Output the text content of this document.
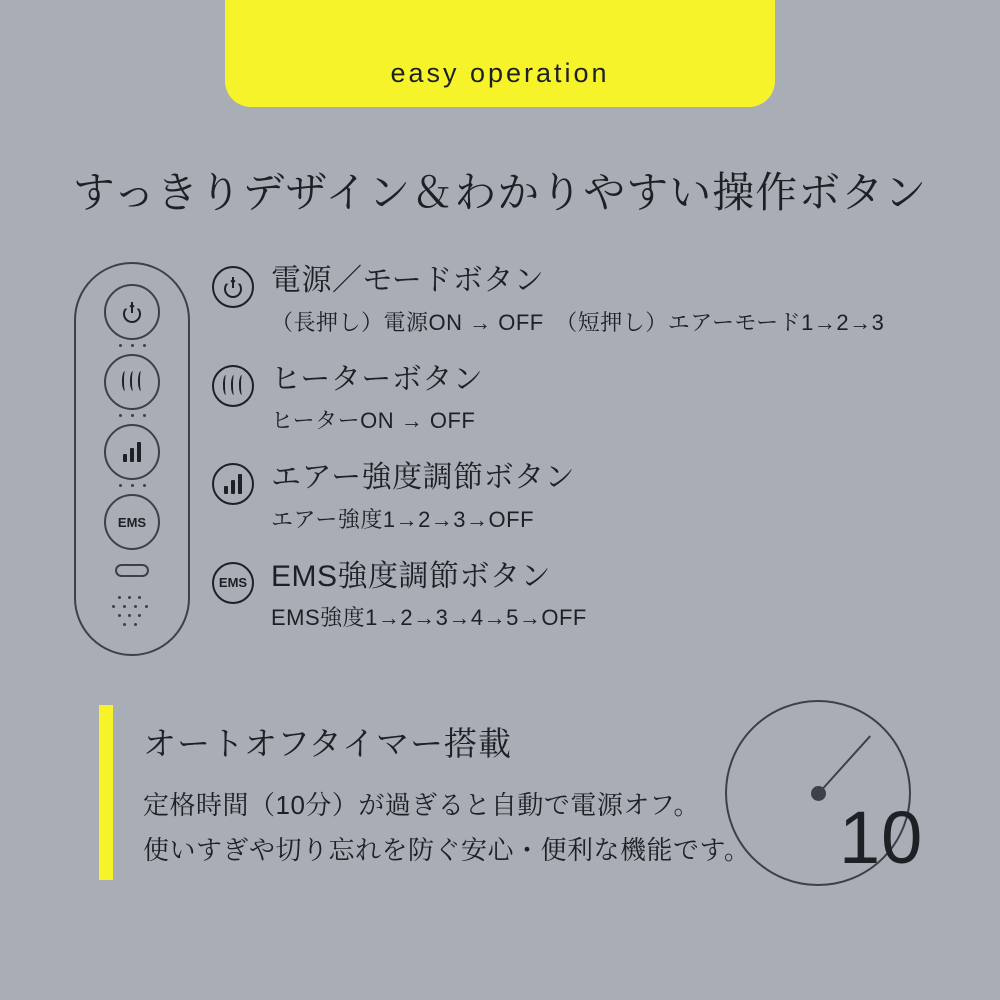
easy operation
すっきりデザイン＆わかりやすい操作ボタン
EMS
電源／モードボタン
（長押し）電源ON → OFF　（短押し）エアーモード1→2→3
ヒーターボタン
ヒーターON → OFF
エアー強度調節ボタン
エアー強度1→2→3→OFF
EMS EMS強度調節ボタン
EMS強度1→2→3→4→5→OFF
オートオフタイマー搭載
定格時間（10分）が過ぎると自動で電源オフ。
使いすぎや切り忘れを防ぐ安心・便利な機能です。 10
